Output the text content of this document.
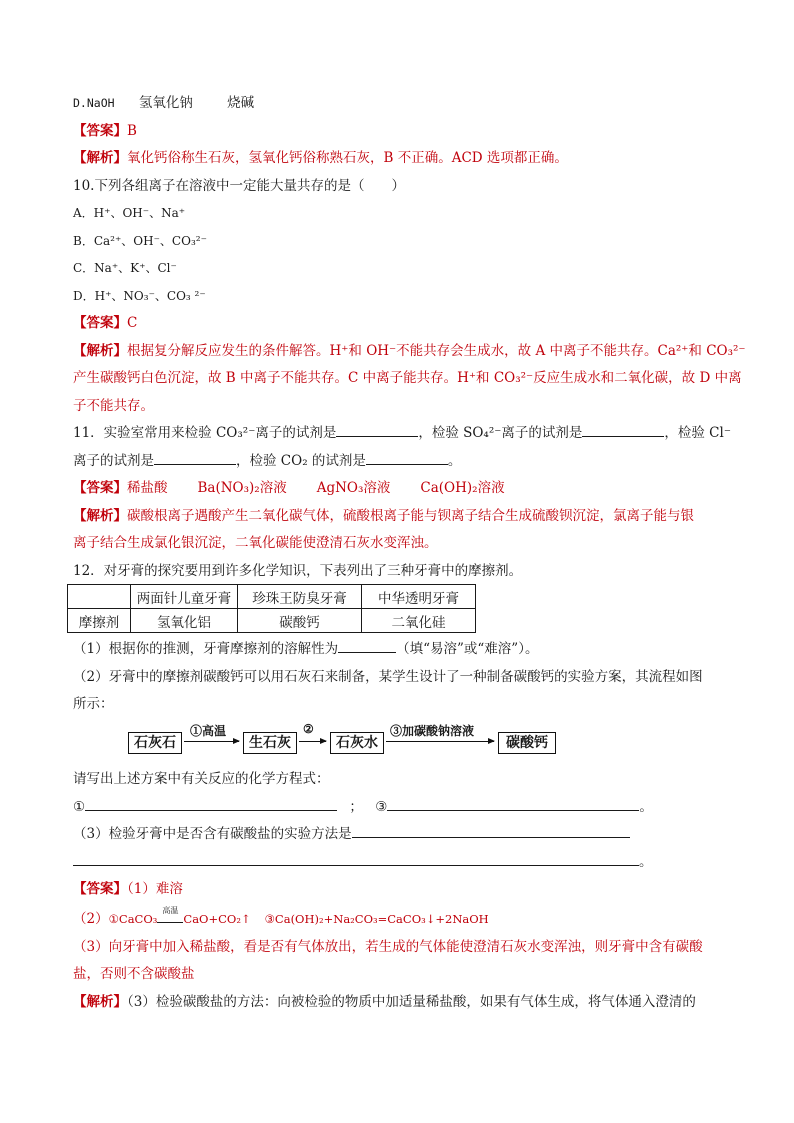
D.NaOH 氢氧化钠	烧碱
【答案】B
【解析】氧化钙俗称生石灰，氢氧化钙俗称熟石灰，B 不正确。ACD 选项都正确。
10.下列各组离子在溶液中一定能大量共存的是（　　）
A．H⁺、OH⁻、Na⁺
B．Ca²⁺、OH⁻、CO₃²⁻
C．Na⁺、K⁺、Cl⁻
D．H⁺、NO₃⁻、CO₃ ²⁻
【答案】C
【解析】根据复分解反应发生的条件解答。H⁺和 OH⁻不能共存会生成水，故 A 中离子不能共存。Ca²⁺和 CO₃²⁻
产生碳酸钙白色沉淀，故 B 中离子不能共存。C 中离子能共存。H⁺和 CO₃²⁻反应生成水和二氧化碳，故 D 中离
子不能共存。
11．实验室常用来检验 CO₃²⁻离子的试剂是	，检验 SO₄²⁻离子的试剂是	，检验 Cl⁻
离子的试剂是	，检验 CO₂ 的试剂是	。
【答案】稀盐酸 Ba(NO₃)₂溶液 AgNO₃溶液 Ca(OH)₂溶液
【解析】碳酸根离子遇酸产生二氧化碳气体，硫酸根离子能与钡离子结合生成硫酸钡沉淀，氯离子能与银
离子结合生成氯化银沉淀，二氧化碳能使澄清石灰水变浑浊。
12．对牙膏的探究要用到许多化学知识，下表列出了三种牙膏中的摩擦剂。
	两面针儿童牙膏	珍珠王防臭牙膏	中华透明牙膏
摩擦剂	氢氧化铝	碳酸钙	二氧化硅
（1）根据你的推测，牙膏摩擦剂的溶解性为	（填“易溶”或“难溶”）。
（2）牙膏中的摩擦剂碳酸钙可以用石灰石来制备，某学生设计了一种制备碳酸钙的实验方案，其流程如图
所示：
石灰石
①高温
生石灰
②
石灰水
③加碳酸钠溶液
碳酸钙
请写出上述方案中有关反应的化学方程式：
①	； ③	。
（3）检验牙膏中是否含有碳酸盐的实验方法是
。
【答案】（1）难溶
（2）①CaCO₃
高温
CaO+CO₂↑ ③Ca(OH)₂+Na₂CO₃=CaCO₃↓+2NaOH
（3）向牙膏中加入稀盐酸，看是否有气体放出，若生成的气体能使澄清石灰水变浑浊，则牙膏中含有碳酸
盐，否则不含碳酸盐
【解析】（3）检验碳酸盐的方法：向被检验的物质中加适量稀盐酸，如果有气体生成，将气体通入澄清的
